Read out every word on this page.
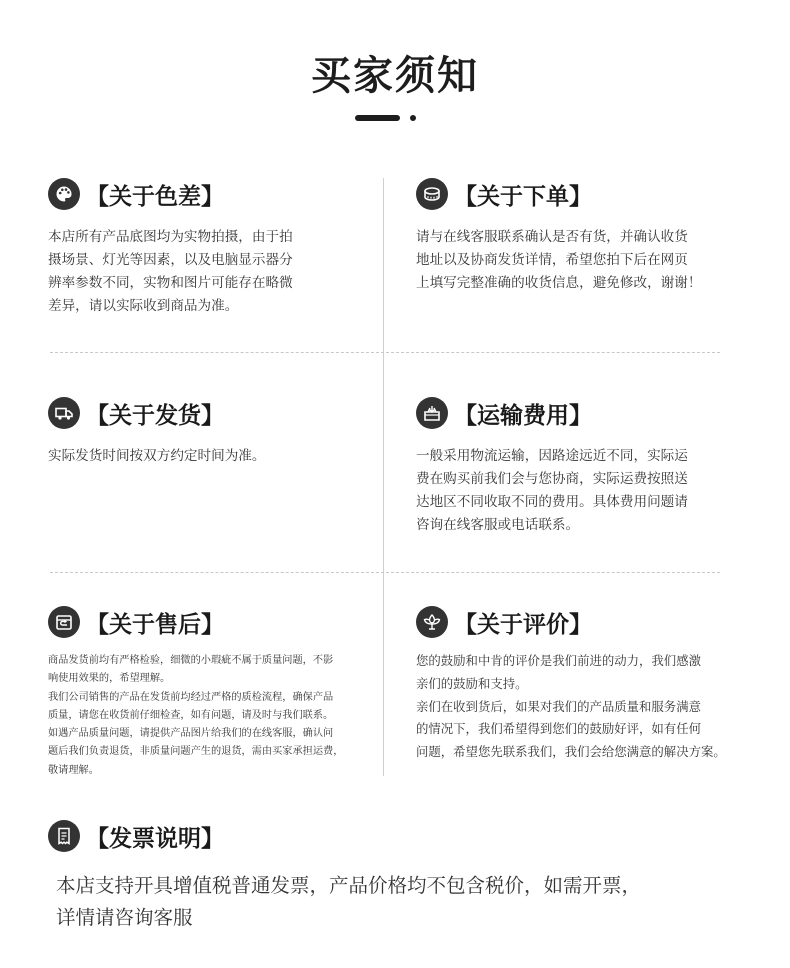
买家须知
【关于色差】
本店所有产品底图均为实物拍摄，由于拍
摄场景、灯光等因素，以及电脑显示器分
辨率参数不同，实物和图片可能存在略微
差异，请以实际收到商品为准。
【关于下单】
请与在线客服联系确认是否有货，并确认收货
地址以及协商发货详情，希望您拍下后在网页
上填写完整准确的收货信息，避免修改，谢谢！
【关于发货】
实际发货时间按双方约定时间为准。
【运输费用】
一般采用物流运输，因路途远近不同，实际运
费在购买前我们会与您协商，实际运费按照送
达地区不同收取不同的费用。具体费用问题请
咨询在线客服或电话联系。
【关于售后】
商品发货前均有严格检验，细微的小瑕疵不属于质量问题，不影
响使用效果的，希望理解。
我们公司销售的产品在发货前均经过严格的质检流程，确保产品
质量，请您在收货前仔细检查，如有问题，请及时与我们联系。
如遇产品质量问题，请提供产品图片给我们的在线客服，确认问
题后我们负责退货，非质量问题产生的退货，需由买家承担运费，
敬请理解。
【关于评价】
您的鼓励和中肯的评价是我们前进的动力，我们感激
亲们的鼓励和支持。
亲们在收到货后，如果对我们的产品质量和服务满意
的情况下，我们希望得到您们的鼓励好评，如有任何
问题，希望您先联系我们，我们会给您满意的解决方案。
【发票说明】
本店支持开具增值税普通发票，产品价格均不包含税价，如需开票，
详情请咨询客服
